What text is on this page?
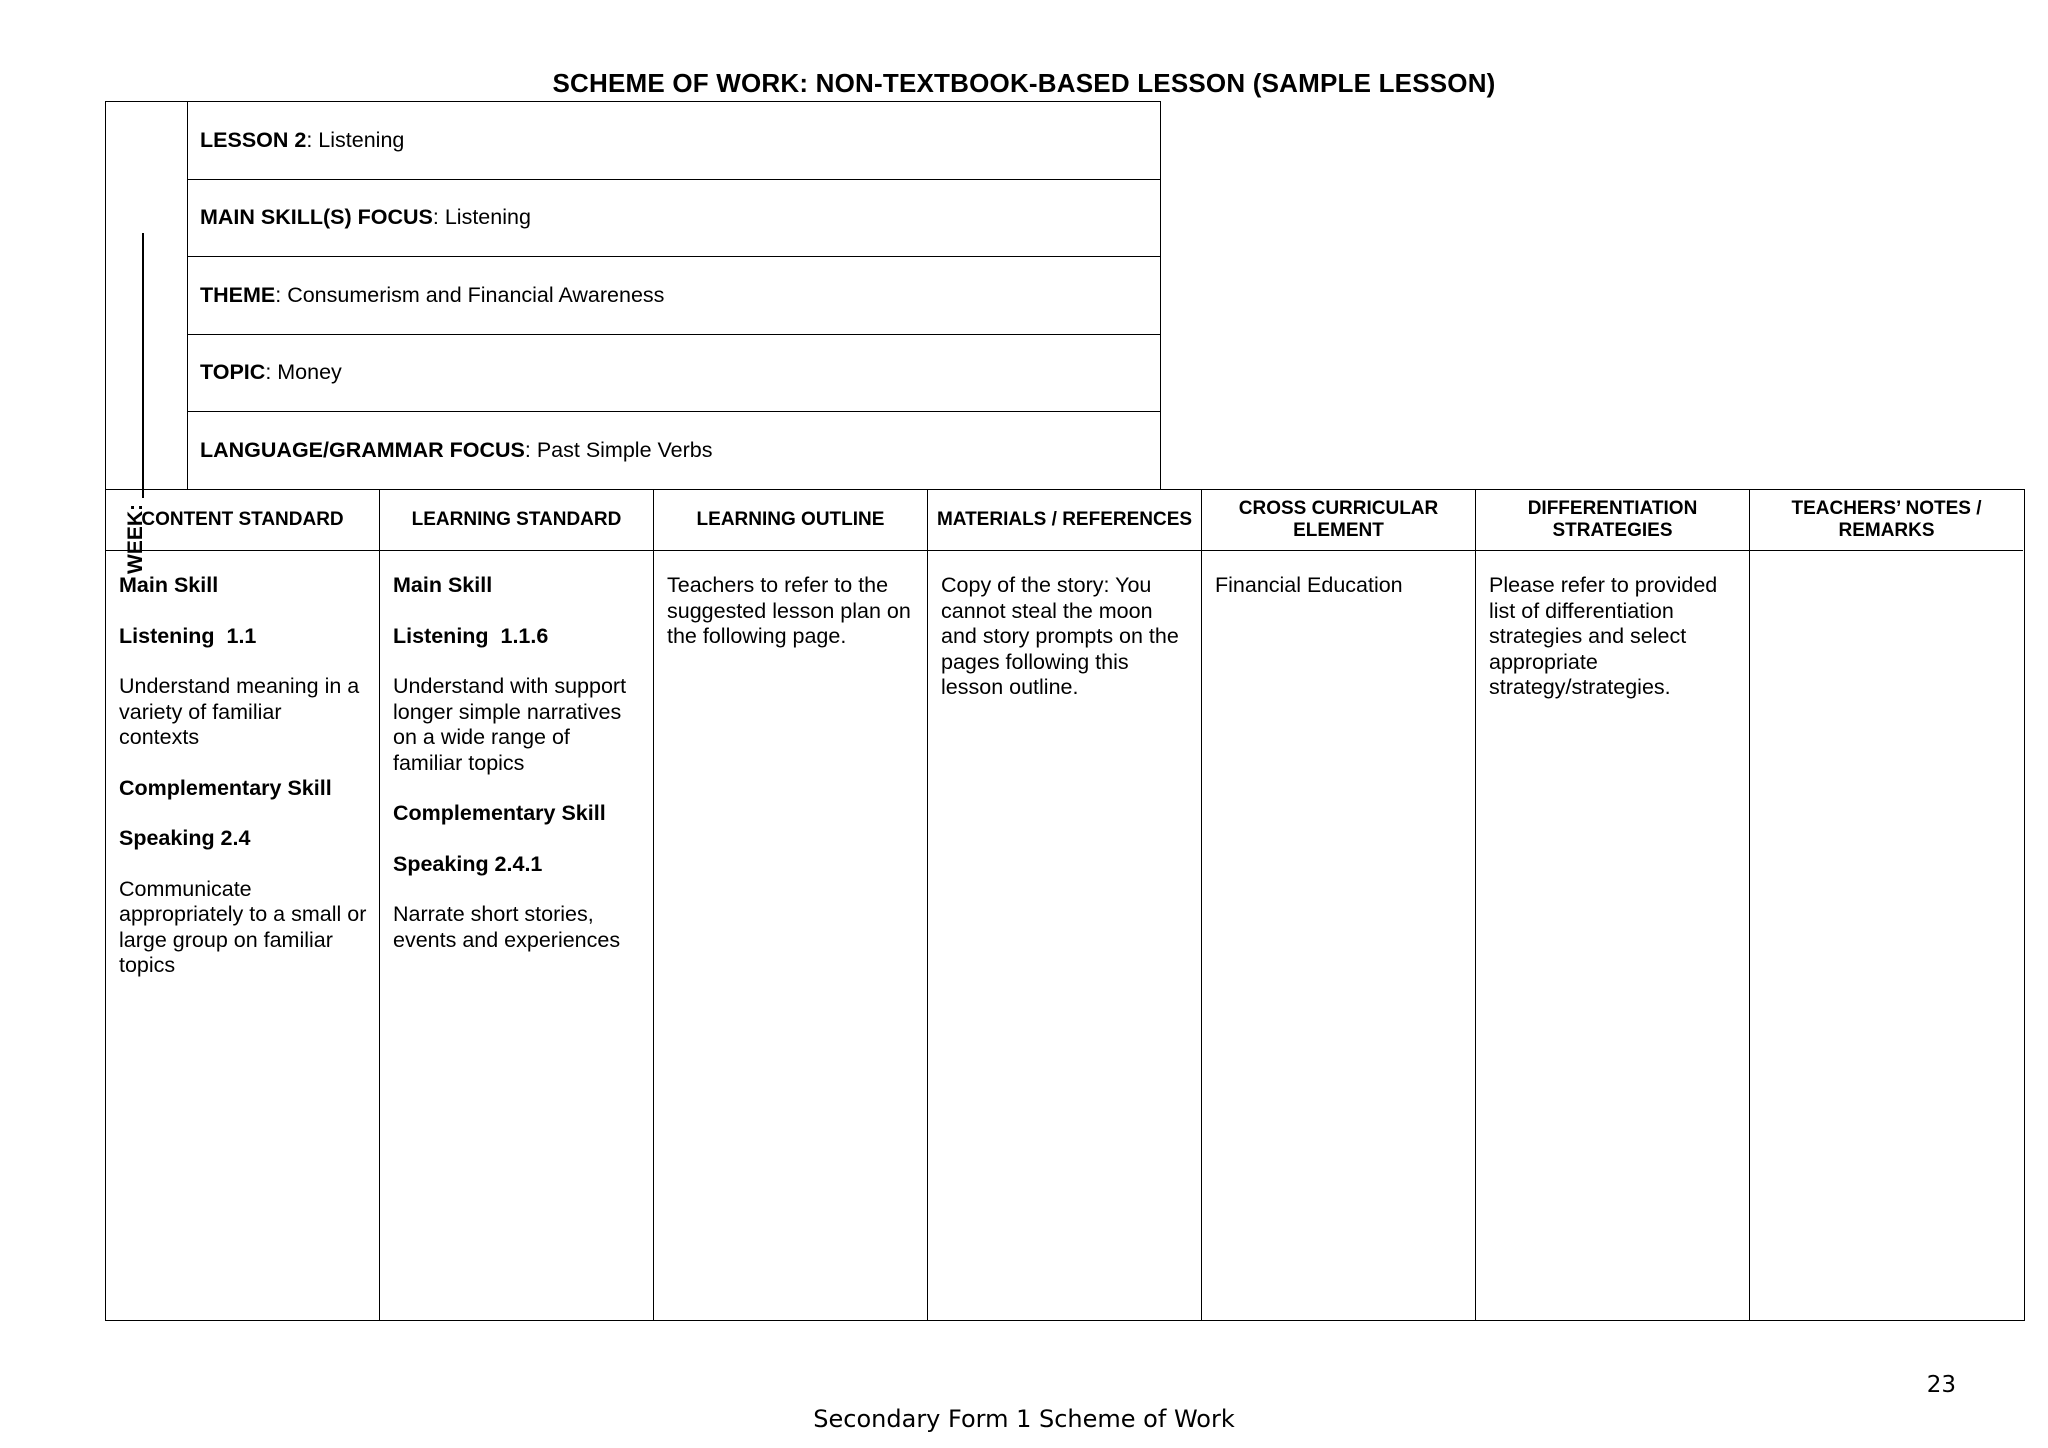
SCHEME OF WORK: NON-TEXTBOOK-BASED LESSON (SAMPLE LESSON)
WEEK:
LESSON 2 : Listening
MAIN SKILL(S) FOCUS : Listening
THEME : Consumerism and Financial Awareness
TOPIC : Money
LANGUAGE/GRAMMAR FOCUS : Past Simple Verbs
CONTENT STANDARD

Main Skill

Listening  1.1

Understand meaning in a variety of familiar contexts

Complementary Skill

Speaking 2.4

Communicate appropriately to a small or large group on familiar topics

LEARNING STANDARD

Main Skill

Listening  1.1.6

Understand with support longer simple narratives on a wide range of familiar topics

Complementary Skill

Speaking 2.4.1

Narrate short stories, events and experiences

LEARNING OUTLINE

Teachers to refer to the suggested lesson plan on the following page.

MATERIALS / REFERENCES

Copy of the story: You cannot steal the moon and story prompts on the pages following this lesson outline.

CROSS CURRICULAR ELEMENT

Financial Education

DIFFERENTIATION STRATEGIES

Please refer to provided list of differentiation strategies and select appropriate strategy/strategies.

TEACHERS’ NOTES / REMARKS

23
Secondary Form 1 Scheme of Work
